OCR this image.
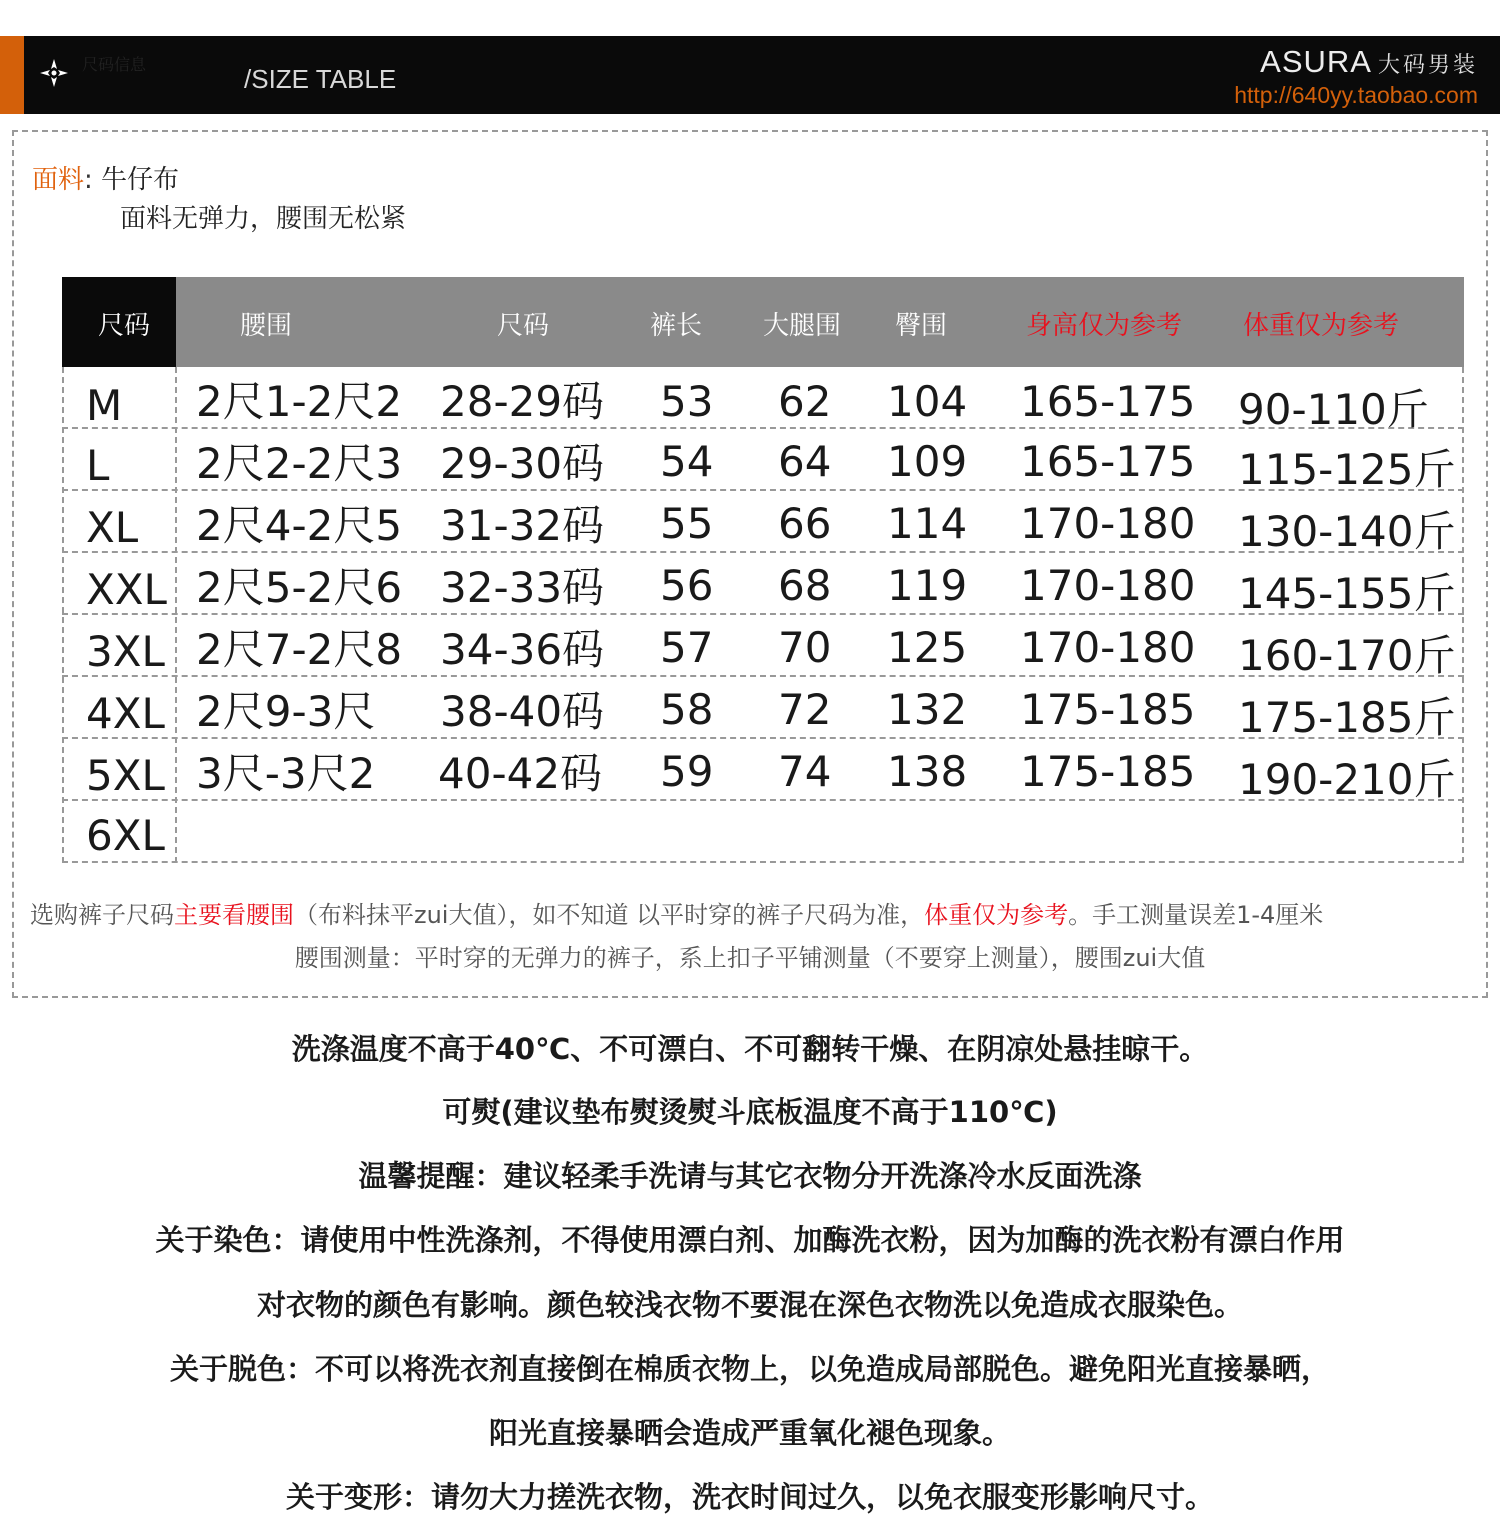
尺码信息	/SIZE TABLE	ASURA 大码男装
http://640yy.taobao.com
面料: 牛仔布
面料无弹力，腰围无松紧
尺码	腰围	尺码	裤长 大腿围 臀围	身高仅为参考 体重仅为参考
M 2尺1-2尺2 28-29码 53 62 104 165-175 90-110斤
L 2尺2-2尺3 29-30码 54 64 109 165-175 115-125斤
XL 2尺4-2尺5 31-32码 55 66 114 170-180 130-140斤
XXL 2尺5-2尺6 32-33码 56 68 119 170-180 145-155斤
3XL 2尺7-2尺8 34-36码 57 70 125 170-180 160-170斤
4XL 2尺9-3尺 38-40码 58 72 132 175-185 175-185斤
5XL 3尺-3尺2 40-42码 59 74 138 175-185 190-210斤
6XL
选购裤子尺码主要看腰围（布料抹平zui大值），如不知道 以平时穿的裤子尺码为准，体重仅为参考。手工测量误差1-4厘米
腰围测量：平时穿的无弹力的裤子，系上扣子平铺测量（不要穿上测量），腰围zui大值
洗涤温度不高于40℃、不可漂白、不可翻转干燥、在阴凉处悬挂晾干。
可熨(建议垫布熨烫熨斗底板温度不高于110℃)
温馨提醒：建议轻柔手洗请与其它衣物分开洗涤冷水反面洗涤
关于染色：请使用中性洗涤剂，不得使用漂白剂、加酶洗衣粉，因为加酶的洗衣粉有漂白作用
对衣物的颜色有影响。颜色较浅衣物不要混在深色衣物洗以免造成衣服染色。
关于脱色：不可以将洗衣剂直接倒在棉质衣物上，以免造成局部脱色。避免阳光直接暴晒，
阳光直接暴晒会造成严重氧化褪色现象。
关于变形：请勿大力搓洗衣物，洗衣时间过久，以免衣服变形影响尺寸。
